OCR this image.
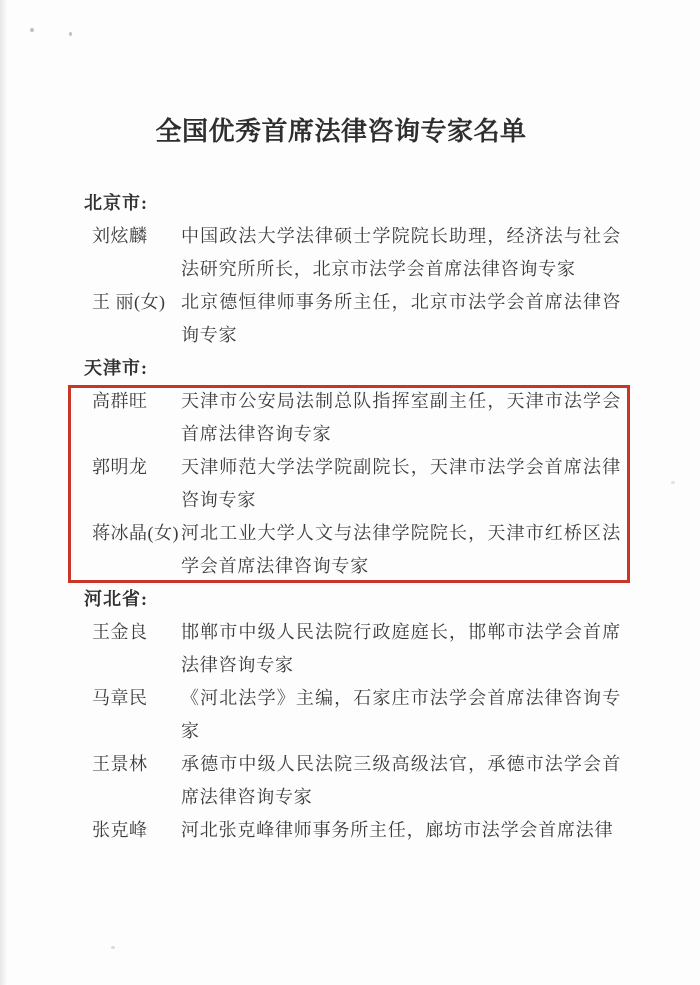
全国优秀首席法律咨询专家名单
北京市:
刘炫麟	中国政法大学法律硕士学院院长助理，经济法与社会法研究所所长，北京市法学会首席法律咨询专家
王 丽(女) 北京德恒律师事务所主任，北京市法学会首席法律咨询专家
天津市:
高群旺	天津市公安局法制总队指挥室副主任，天津市法学会首席法律咨询专家
郭明龙	天津师范大学法学院副院长，天津市法学会首席法律咨询专家
蒋冰晶(女) 河北工业大学人文与法律学院院长，天津市红桥区法学会首席法律咨询专家
河北省:
王金良	邯郸市中级人民法院行政庭庭长，邯郸市法学会首席法律咨询专家
马章民	《河北法学》主编，石家庄市法学会首席法律咨询专家
王景林	承德市中级人民法院三级高级法官，承德市法学会首席法律咨询专家
张克峰	河北张克峰律师事务所主任，廊坊市法学会首席法律
